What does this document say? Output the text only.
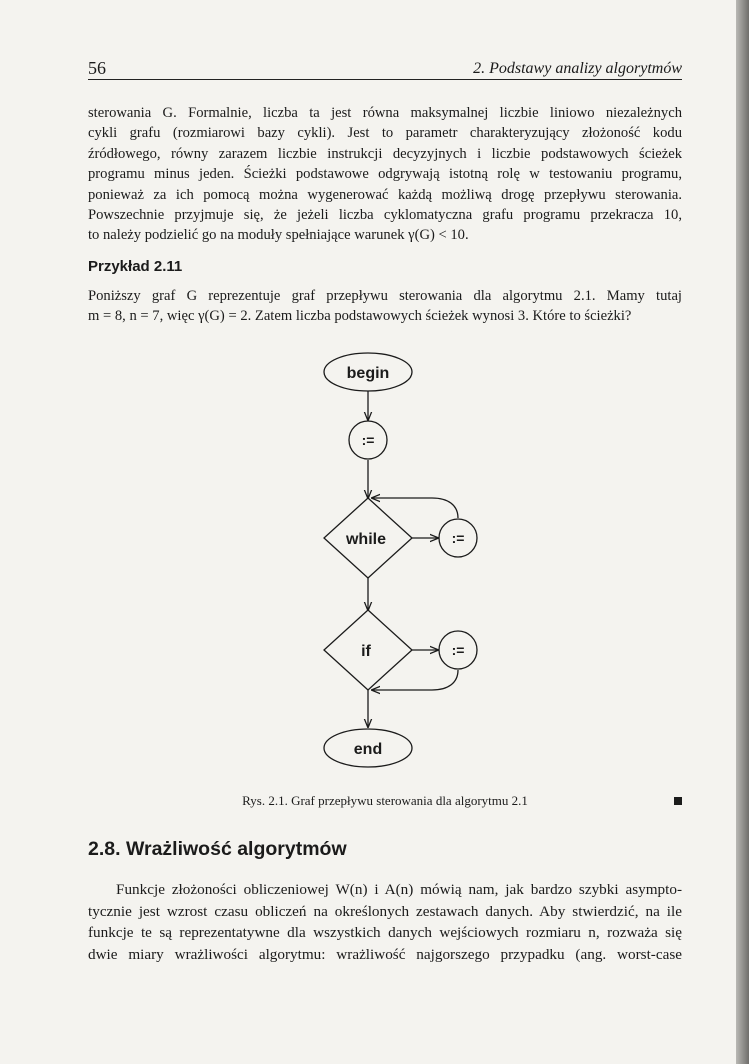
56	2. Podstawy analizy algorytmów
sterowania G. Formalnie, liczba ta jest równa maksymalnej liczbie liniowo niezależnych
cykli grafu (rozmiarowi bazy cykli). Jest to parametr charakteryzujący złożoność kodu
źródłowego, równy zarazem liczbie instrukcji decyzyjnych i liczbie podstawowych ścieżek
programu minus jeden. Ścieżki podstawowe odgrywają istotną rolę w testowaniu programu,
ponieważ za ich pomocą można wygenerować każdą możliwą drogę przepływu sterowania.
Powszechnie przyjmuje się, że jeżeli liczba cyklomatyczna grafu programu przekracza 10,
to należy podzielić go na moduły spełniające warunek γ(G) < 10.
Przykład 2.11
Poniższy graf G reprezentuje graf przepływu sterowania dla algorytmu 2.1. Mamy tutaj
m = 8, n = 7, więc γ(G) = 2. Zatem liczba podstawowych ścieżek wynosi 3. Które to ścieżki?
begin
:=
while	:=
if	:=
end
Rys. 2.1. Graf przepływu sterowania dla algorytmu 2.1
2.8. Wrażliwość algorytmów
Funkcje złożoności obliczeniowej W(n) i A(n) mówią nam, jak bardzo szybki asympto-
tycznie jest wzrost czasu obliczeń na określonych zestawach danych. Aby stwierdzić, na ile
funkcje te są reprezentatywne dla wszystkich danych wejściowych rozmiaru n, rozważa się
dwie miary wrażliwości algorytmu: wrażliwość najgorszego przypadku (ang. worst-case
